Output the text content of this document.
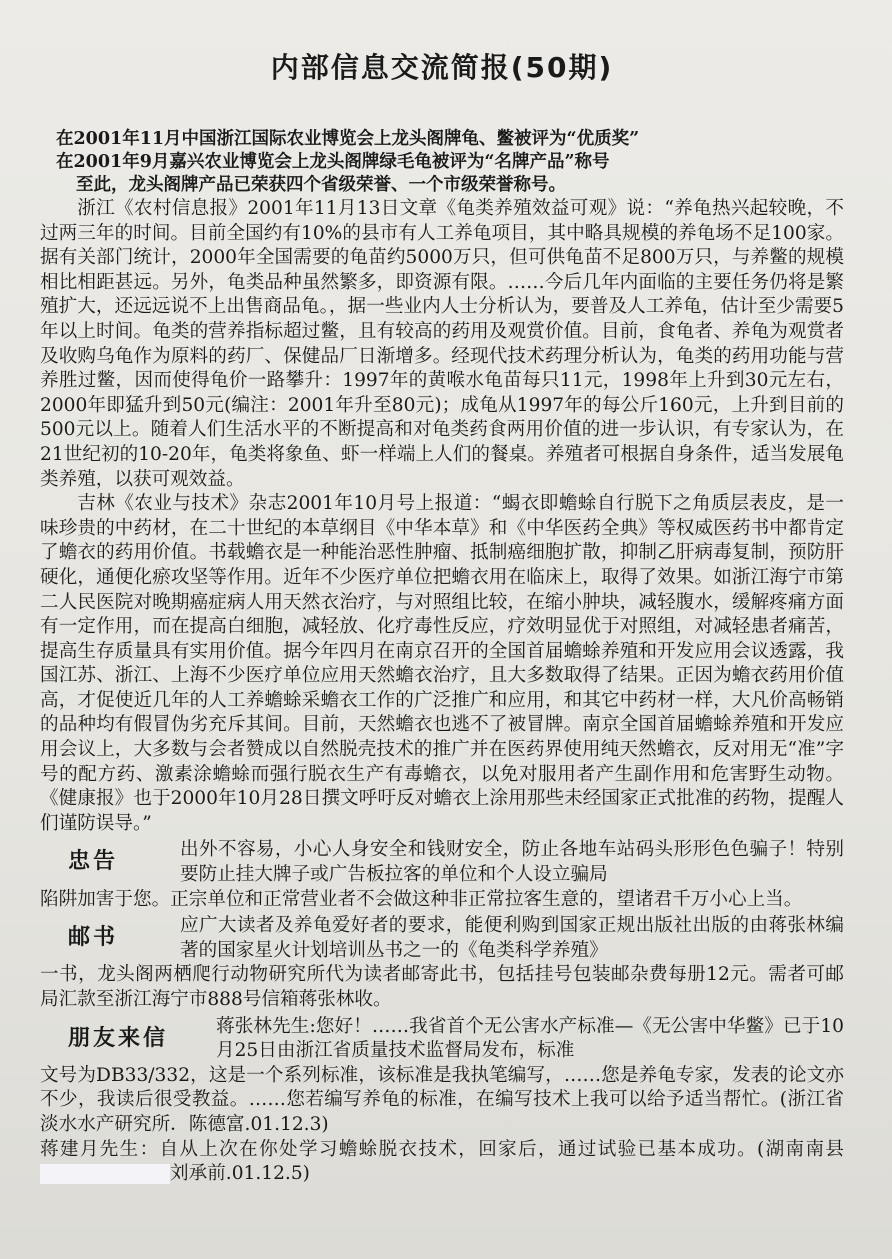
内部信息交流简报(50期)

在2001年11月中国浙江国际农业博览会上龙头阁牌龟、鳖被评为“优质奖”

在2001年9月嘉兴农业博览会上龙头阁牌绿毛龟被评为“名牌产品”称号

至此，龙头阁牌产品已荣获四个省级荣誉、一个市级荣誉称号。

浙江《农村信息报》2001年11月13日文章《龟类养殖效益可观》说：“养龟热兴起较晚，不过两三年的时间。目前全国约有10%的县市有人工养龟项目，其中略具规模的养龟场不足100家。据有关部门统计，2000年全国需要的龟苗约5000万只，但可供龟苗不足800万只，与养鳖的规模相比相距甚远。另外，龟类品种虽然繁多，即资源有限。……今后几年内面临的主要任务仍将是繁殖扩大，还远远说不上出售商品龟。，据一些业内人士分析认为，要普及人工养龟，估计至少需要5年以上时间。龟类的营养指标超过鳖，且有较高的药用及观赏价值。目前，食龟者、养龟为观赏者及收购乌龟作为原料的药厂、保健品厂日渐增多。经现代技术药理分析认为，龟类的药用功能与营养胜过鳖，因而使得龟价一路攀升：1997年的黄喉水龟苗每只11元，1998年上升到30元左右，2000年即猛升到50元(编注：2001年升至80元)；成龟从1997年的每公斤160元，上升到目前的500元以上。随着人们生活水平的不断提高和对龟类药食两用价值的进一步认识，有专家认为，在21世纪初的10-20年，龟类将象鱼、虾一样端上人们的餐桌。养殖者可根据自身条件，适当发展龟类养殖，以获可观效益。

吉林《农业与技术》杂志2001年10月号上报道：“蝎衣即蟾蜍自行脱下之角质层表皮，是一味珍贵的中药材，在二十世纪的本草纲目《中华本草》和《中华医药全典》等权威医药书中都肯定了蟾衣的药用价值。书载蟾衣是一种能治恶性肿瘤、抵制癌细胞扩散，抑制乙肝病毒复制，预防肝硬化，通便化瘀攻坚等作用。近年不少医疗单位把蟾衣用在临床上，取得了效果。如浙江海宁市第二人民医院对晚期癌症病人用天然衣治疗，与对照组比较，在缩小肿块，减轻腹水，缓解疼痛方面有一定作用，而在提高白细胞，减轻放、化疗毒性反应，疗效明显优于对照组，对减轻患者痛苦，提高生存质量具有实用价值。据今年四月在南京召开的全国首届蟾蜍养殖和开发应用会议透露，我国江苏、浙江、上海不少医疗单位应用天然蟾衣治疗，且大多数取得了结果。正因为蟾衣药用价值高，才促使近几年的人工养蟾蜍采蟾衣工作的广泛推广和应用，和其它中药材一样，大凡价高畅销的品种均有假冒伪劣充斥其间。目前，天然蟾衣也逃不了被冒牌。南京全国首届蟾蜍养殖和开发应用会议上，大多数与会者赞成以自然脱壳技术的推广并在医药界使用纯天然蟾衣，反对用无“准”字号的配方药、激素涂蟾蜍而强行脱衣生产有毒蟾衣，以免对服用者产生副作用和危害野生动物。《健康报》也于2000年10月28日撰文呼吁反对蟾衣上涂用那些未经国家正式批准的药物，提醒人们谨防误导。”

忠告	出外不容易，小心人身安全和钱财安全，防止各地车站码头形形色色骗子！特别要防止挂大牌子或广告板拉客的单位和个人设立骗局

陷阱加害于您。正宗单位和正常营业者不会做这种非正常拉客生意的，望诸君千万小心上当。

邮书	应广大读者及养龟爱好者的要求，能便利购到国家正规出版社出版的由蒋张林编著的国家星火计划培训丛书之一的《龟类科学养殖》

一书，龙头阁两栖爬行动物研究所代为读者邮寄此书，包括挂号包装邮杂费每册12元。需者可邮局汇款至浙江海宁市888号信箱蒋张林收。

朋友来信	蒋张林先生:您好！……我省首个无公害水产标准—《无公害中华鳖》已于10月25日由浙江省质量技术监督局发布，标准

文号为DB33/332，这是一个系列标准，该标准是我执笔编写，……您是养龟专家，发表的论文亦不少，我读后很受教益。……您若编写养龟的标准，在编写技术上我可以给予适当帮忙。(浙江省淡水水产研究所．陈德富.01.12.3)

蒋建月先生：自从上次在你处学习蟾蜍脱衣技术，回家后，通过试验已基本成功。(湖南南县刘承前.01.12.5)
